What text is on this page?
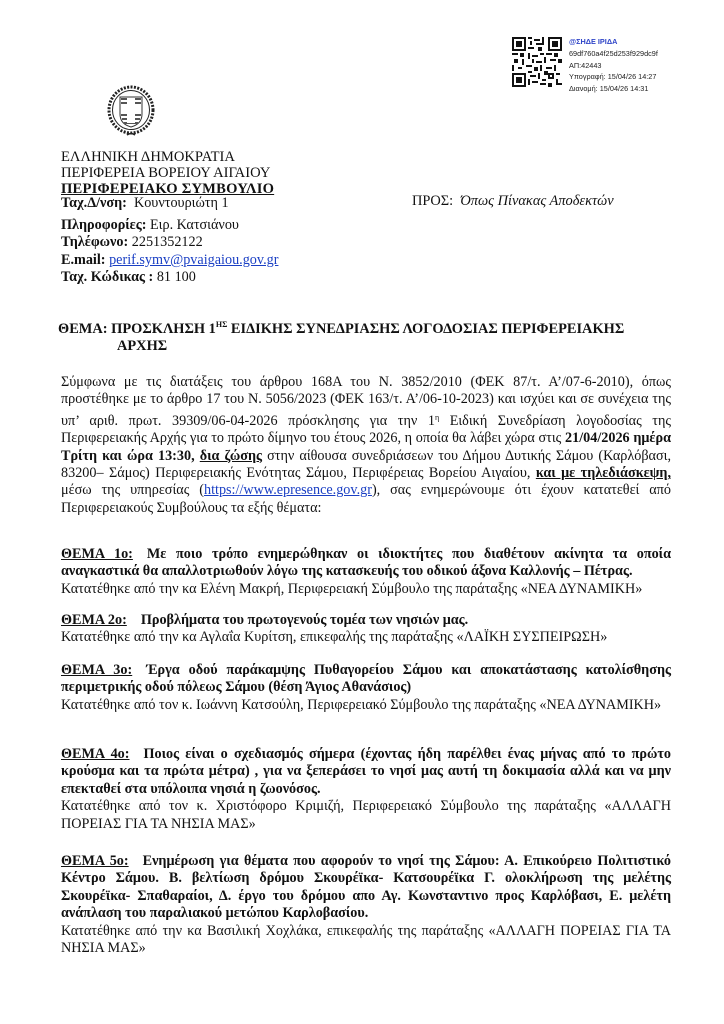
@ΣΗΔΕ ΙΡΙΔΑ
69df760a4f25d253f929dc9f
ΑΠ:42443
Υπογραφή: 15/04/26 14:27
Διανομή: 15/04/26 14:31
ΕΛΛΗΝΙΚΗ ΔΗΜΟΚΡΑΤΙΑ
ΠΕΡΙΦΕΡΕΙΑ ΒΟΡΕΙΟΥ ΑΙΓΑΙΟΥ
ΠΕΡΙΦΕΡΕΙΑΚΟ ΣΥΜΒΟΥΛΙΟ
Ταχ.Δ/νση: Κουντουριώτη 1
Πληροφορίες: Ειρ. Κατσιάνου
Τηλέφωνο: 2251352122
E.mail: perif.symv@pvaigaiou.gov.gr
Ταχ. Κώδικας : 81 100
ΠΡΟΣ: Όπως Πίνακας Αποδεκτών
ΘΕΜΑ: ΠΡΟΣΚΛΗΣΗ $1^{H\Sigma}$ ΕΙΔΙΚΗΣ ΣΥΝΕΔΡΙΑΣΗΣ ΛΟΓΟΔΟΣΙΑΣ ΠΕΡΙΦΕΡΕΙΑΚΗΣ
ΑΡΧΗΣ
Σύμφωνα με τις διατάξεις του άρθρου 168Α του Ν. 3852/2010 (ΦΕΚ 87/τ. Α’/07-6-2010), όπως προστέθηκε με το άρθρο 17 του Ν. 5056/2023 (ΦΕΚ 163/τ. Α’/06-10-2023) και ισχύει και σε συνέχεια της υπ’ αριθ. πρωτ. 39309/06-04-2026 πρόσκλησης για την $1^\eta$ Ειδική Συνεδρίαση λογοδοσίας της Περιφερειακής Αρχής για το πρώτο δίμηνο του έτους 2026, η οποία θα λάβει χώρα στις 21/04/2026 ημέρα Τρίτη και ώρα 13:30, δια ζώσης στην αίθουσα συνεδριάσεων του Δήμου Δυτικής Σάμου (Καρλόβασι, 83200– Σάμος) Περιφερειακής Ενότητας Σάμου, Περιφέρειας Βορείου Αιγαίου, και με τηλεδιάσκεψη, μέσω της υπηρεσίας (https://www.epresence.gov.gr), σας ενημερώνουμε ότι έχουν κατατεθεί από Περιφερειακούς Συμβούλους τα εξής θέματα:
ΘΕΜΑ 1ο: Με ποιο τρόπο ενημερώθηκαν οι ιδιοκτήτες που διαθέτουν ακίνητα τα οποία αναγκαστικά θα απαλλοτριωθούν λόγω της κατασκευής του οδικού άξονα Καλλονής – Πέτρας.
Κατατέθηκε από την κα Ελένη Μακρή, Περιφερειακή Σύμβουλο της παράταξης «ΝΕΑ ΔΥΝΑΜΙΚΗ»
ΘΕΜΑ 2ο: Προβλήματα του πρωτογενούς τομέα των νησιών μας.
Κατατέθηκε από την κα Αγλαΐα Κυρίτση, επικεφαλής της παράταξης «ΛΑΪΚΗ ΣΥΣΠΕΙΡΩΣΗ»
ΘΕΜΑ 3ο: Έργα οδού παράκαμψης Πυθαγορείου Σάμου και αποκατάστασης κατολίσθησης περιμετρικής οδού πόλεως Σάμου (θέση Άγιος Αθανάσιος)
Κατατέθηκε από τον κ. Ιωάννη Κατσούλη, Περιφερειακό Σύμβουλο της παράταξης «ΝΕΑ ΔΥΝΑΜΙΚΗ»
ΘΕΜΑ 4ο: Ποιος είναι ο σχεδιασμός σήμερα (έχοντας ήδη παρέλθει ένας μήνας από το πρώτο κρούσμα και τα πρώτα μέτρα) , για να ξεπεράσει το νησί μας αυτή τη δοκιμασία αλλά και να μην επεκταθεί στα υπόλοιπα νησιά η ζωονόσος.
Κατατέθηκε από τον κ. Χριστόφορο Κριμιζή, Περιφερειακό Σύμβουλο της παράταξης «ΑΛΛΑΓΗ ΠΟΡΕΙΑΣ ΓΙΑ ΤΑ ΝΗΣΙΑ ΜΑΣ»
ΘΕΜΑ 5ο: Ενημέρωση για θέματα που αφορούν το νησί της Σάμου: Α. Επικούρειο Πολιτιστικό Κέντρο Σάμου. Β. βελτίωση δρόμου Σκουρέϊκα- Κατσουρέϊκα Γ. ολοκλήρωση της μελέτης Σκουρέϊκα- Σπαθαραίοι, Δ. έργο του δρόμου απο Αγ. Κωνσταντινο προς Καρλόβασι, Ε. μελέτη ανάπλαση του παραλιακού μετώπου Καρλοβασίου.
Κατατέθηκε από την κα Βασιλική Χοχλάκα, επικεφαλής της παράταξης «ΑΛΛΑΓΗ ΠΟΡΕΙΑΣ ΓΙΑ ΤΑ ΝΗΣΙΑ ΜΑΣ»
